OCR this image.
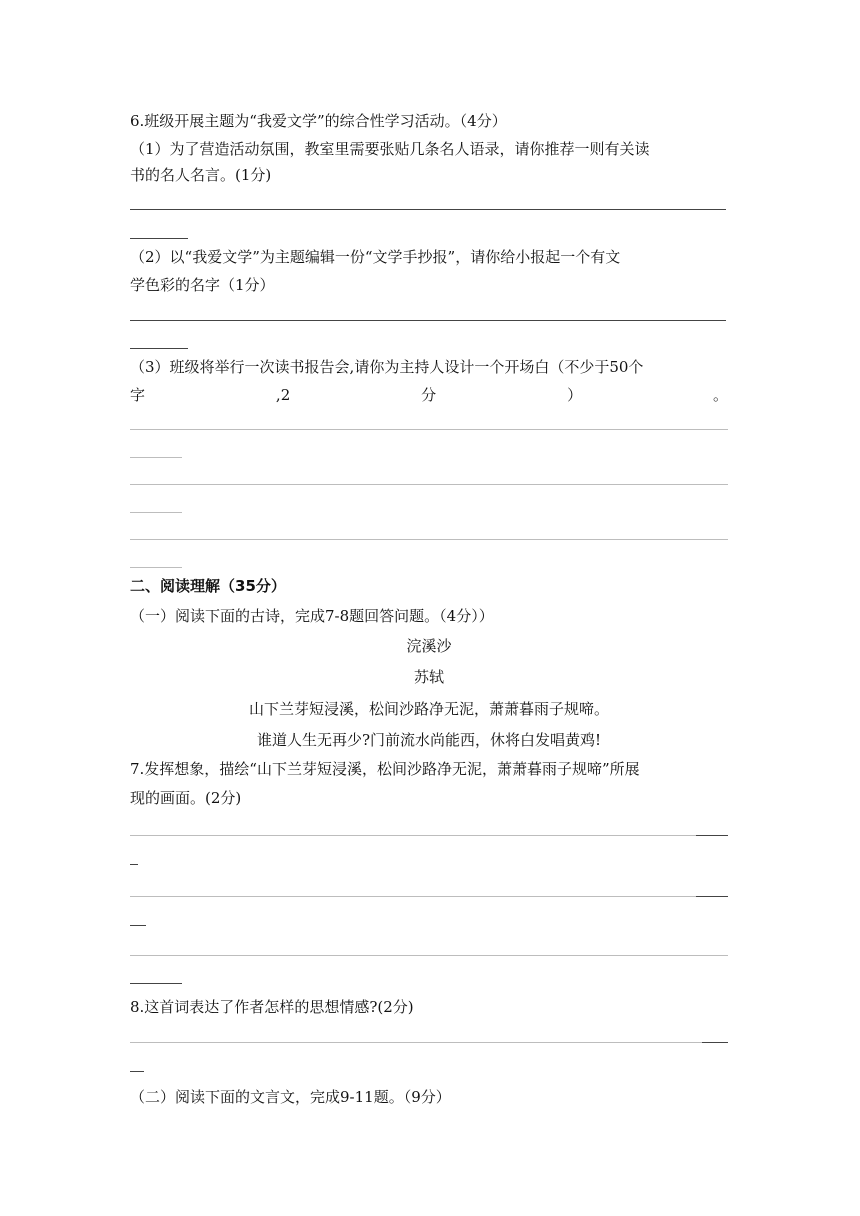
6.班级开展主题为“我爱文学”的综合性学习活动。（4分）
（1）为了营造活动氛围，教室里需要张贴几条名人语录，请你推荐一则有关读
书的名人名言。(1分)
（2）以“我爱文学”为主题编辑一份“文学手抄报”，请你给小报起一个有文
学色彩的名字（1分）
（3）班级将举行一次读书报告会,请你为主持人设计一个开场白（不少于50个
字	,2	分	）	。
二、阅读理解（35分）
（一）阅读下面的古诗，完成7-8题回答问题。（4分））
浣溪沙
苏轼
山下兰芽短浸溪，松间沙路净无泥，萧萧暮雨子规啼。
谁道人生无再少?门前流水尚能西，休将白发唱黄鸡!
7.发挥想象，描绘“山下兰芽短浸溪，松间沙路净无泥，萧萧暮雨子规啼”所展
现的画面。(2分)
8.这首词表达了作者怎样的思想情感?(2分)
（二）阅读下面的文言文，完成9-11题。（9分）
